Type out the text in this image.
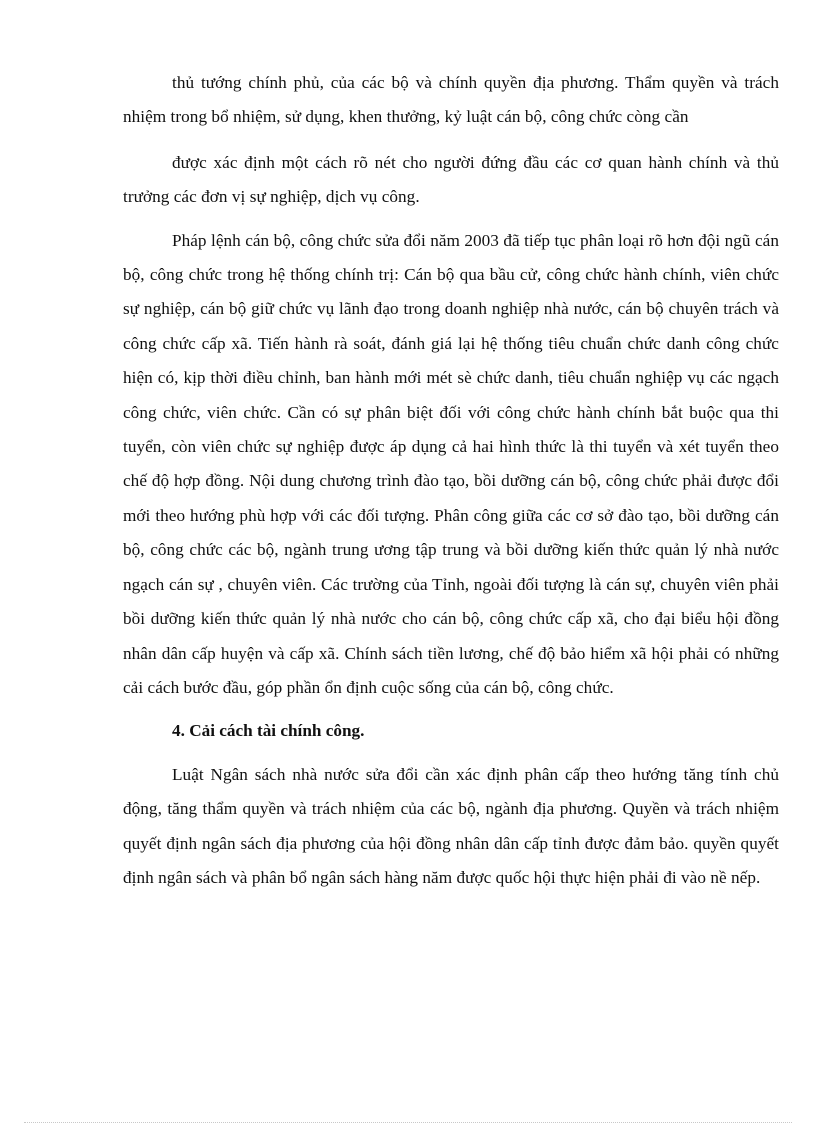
thủ tướng chính phủ, của các bộ và chính quyền địa phương. Thẩm quyền và trách nhiệm trong bổ nhiệm, sử dụng, khen thưởng, kỷ luật cán bộ, công chức còng cần

được xác định một cách rõ nét cho người đứng đầu các cơ quan hành chính và thủ trưởng các đơn vị sự nghiệp, dịch vụ công.

Pháp lệnh cán bộ, công chức sửa đổi năm 2003 đã tiếp tục phân loại rõ hơn đội ngũ cán bộ, công chức trong hệ thống chính trị: Cán bộ qua bầu cử, công chức hành chính, viên chức sự nghiệp, cán bộ giữ chức vụ lãnh đạo trong doanh nghiệp nhà nước, cán bộ chuyên trách và công chức cấp xã. Tiến hành rà soát, đánh giá lại hệ thống tiêu chuẩn chức danh công chức hiện có, kịp thời điều chỉnh, ban hành mới mét sè chức danh, tiêu chuẩn nghiệp vụ các ngạch công chức, viên chức. Cần có sự phân biệt đối với công chức hành chính bắt buộc qua thi tuyển, còn viên chức sự nghiệp được áp dụng cả hai hình thức là thi tuyển và xét tuyển theo chế độ hợp đồng. Nội dung chương trình đào tạo, bồi dưỡng cán bộ, công chức phải được đổi mới theo hướng phù hợp với các đối tượng. Phân công giữa các cơ sở đào tạo, bồi dưỡng cán bộ, công chức các bộ, ngành trung ương tập trung và bồi dưỡng kiến thức quản lý nhà nước ngạch cán sự , chuyên viên. Các trường của Tỉnh, ngoài đối tượng là cán sự, chuyên viên phải bồi dưỡng kiến thức quản lý nhà nước cho cán bộ, công chức cấp xã, cho đại biểu hội đồng nhân dân cấp huyện và cấp xã. Chính sách tiền lương, chế độ bảo hiểm xã hội phải có những cải cách bước đầu, góp phần ổn định cuộc sống của cán bộ, công chức.

4. Cải cách tài chính công.

Luật Ngân sách nhà nước sửa đổi cần xác định phân cấp theo hướng tăng tính chủ động, tăng thẩm quyền và trách nhiệm của các bộ, ngành địa phương. Quyền và trách nhiệm quyết định ngân sách địa phương của hội đồng nhân dân cấp tỉnh được đảm bảo. quyền quyết định ngân sách và phân bổ ngân sách hàng năm được quốc hội thực hiện phải đi vào nề nếp.
